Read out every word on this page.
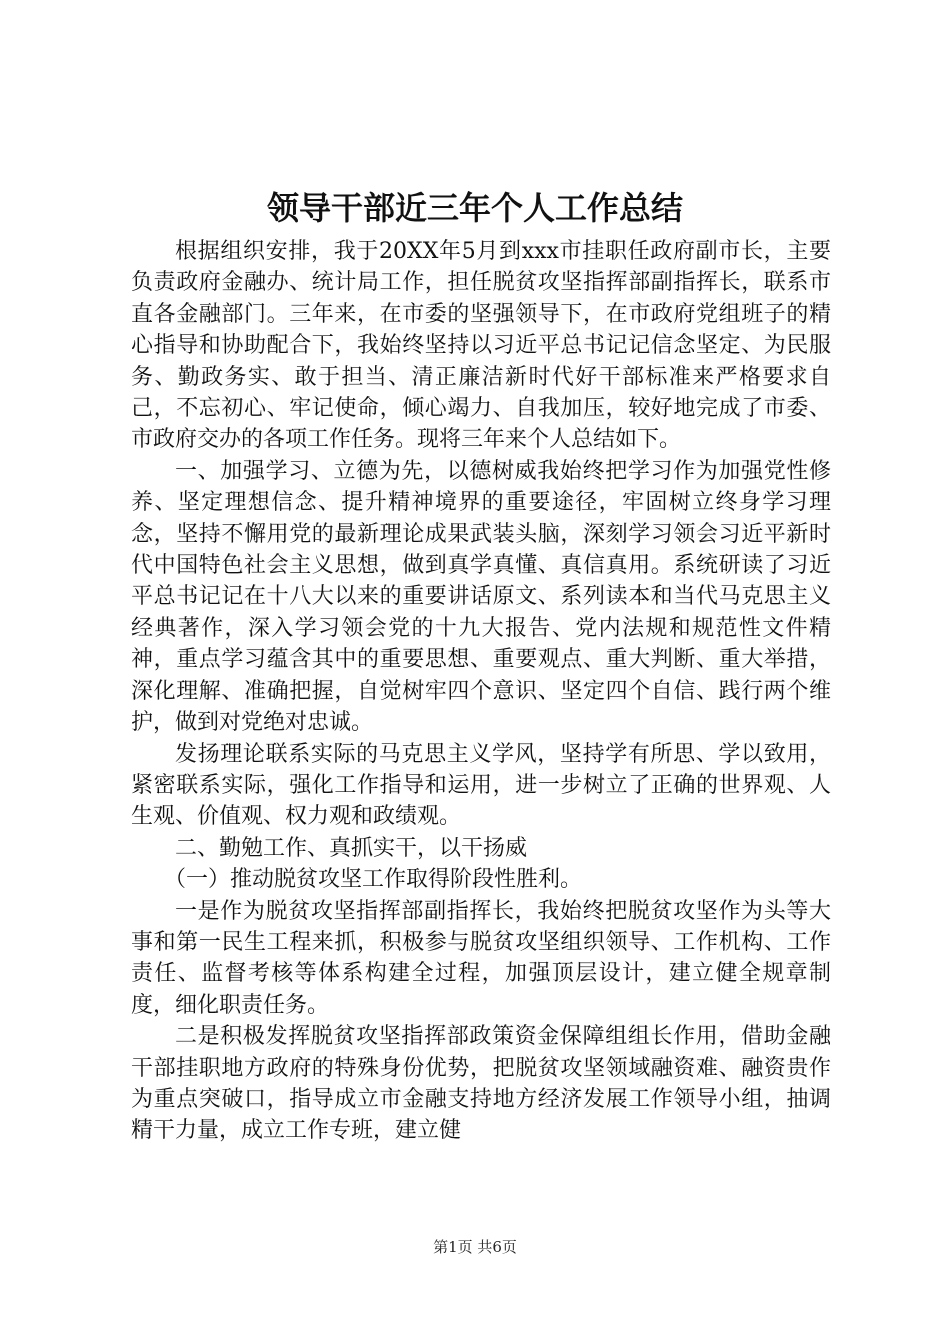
领导干部近三年个人工作总结

根据组织安排，我于20XX年5月到xxx市挂职任政府副市长，主要负责政府金融办、统计局工作，担任脱贫攻坚指挥部副指挥长，联系市直各金融部门。三年来，在市委的坚强领导下，在市政府党组班子的精心指导和协助配合下，我始终坚持以习近平总书记记信念坚定、为民服务、勤政务实、敢于担当、清正廉洁新时代好干部标准来严格要求自己，不忘初心、牢记使命，倾心竭力、自我加压，较好地完成了市委、市政府交办的各项工作任务。现将三年来个人总结如下。

一、加强学习、立德为先，以德树威我始终把学习作为加强党性修养、坚定理想信念、提升精神境界的重要途径，牢固树立终身学习理念，坚持不懈用党的最新理论成果武装头脑，深刻学习领会习近平新时代中国特色社会主义思想，做到真学真懂、真信真用。系统研读了习近平总书记记在十八大以来的重要讲话原文、系列读本和当代马克思主义经典著作，深入学习领会党的十九大报告、党内法规和规范性文件精神，重点学习蕴含其中的重要思想、重要观点、重大判断、重大举措，深化理解、准确把握，自觉树牢四个意识、坚定四个自信、践行两个维护，做到对党绝对忠诚。

发扬理论联系实际的马克思主义学风，坚持学有所思、学以致用，紧密联系实际，强化工作指导和运用，进一步树立了正确的世界观、人生观、价值观、权力观和政绩观。

二、勤勉工作、真抓实干，以干扬威

（一）推动脱贫攻坚工作取得阶段性胜利。

一是作为脱贫攻坚指挥部副指挥长，我始终把脱贫攻坚作为头等大事和第一民生工程来抓，积极参与脱贫攻坚组织领导、工作机构、工作责任、监督考核等体系构建全过程，加强顶层设计，建立健全规章制度，细化职责任务。

二是积极发挥脱贫攻坚指挥部政策资金保障组组长作用，借助金融干部挂职地方政府的特殊身份优势，把脱贫攻坚领域融资难、融资贵作为重点突破口，指导成立市金融支持地方经济发展工作领导小组，抽调精干力量，成立工作专班，建立健

第1页 共6页
